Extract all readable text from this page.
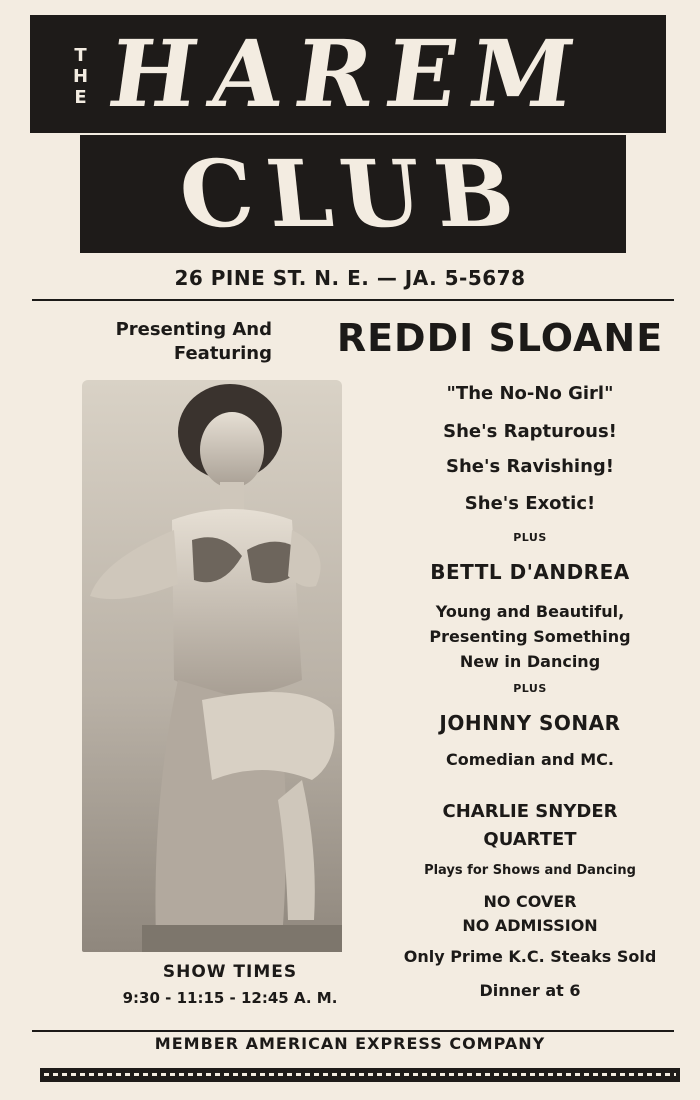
THE HAREM
CLUB
26 PINE ST. N. E. — JA. 5-5678
Presenting And
Featuring	REDDI SLOANE
"The No-No Girl"
She's Rapturous!
She's Ravishing!
She's Exotic!
PLUS
BETTL D'ANDREA
Young and Beautiful,
Presenting Something
New in Dancing
PLUS
JOHNNY SONAR
Comedian and MC.
CHARLIE SNYDER
QUARTET
Plays for Shows and Dancing
NO COVER
NO ADMISSION
Only Prime K.C. Steaks Sold
Dinner at 6
SHOW TIMES
9:30 - 11:15 - 12:45 A. M.
MEMBER AMERICAN EXPRESS COMPANY
